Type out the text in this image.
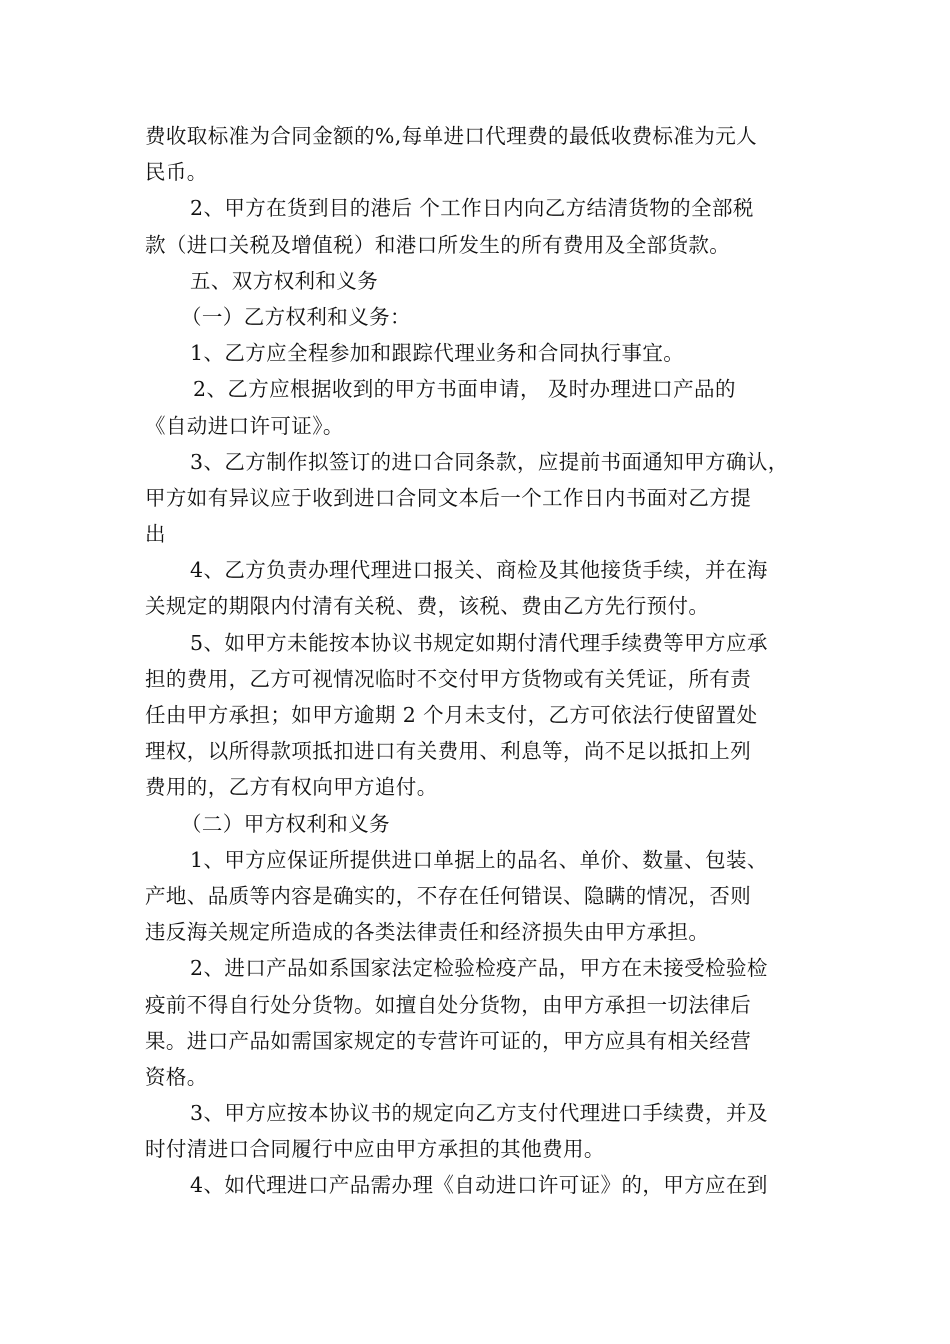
费收取标准为合同金额的%,每单进口代理费的最低收费标准为元人
民币。
2、甲方在货到目的港后 个工作日内向乙方结清货物的全部税
款（进口关税及增值税）和港口所发生的所有费用及全部货款。
五、双方权利和义务
（一）乙方权利和义务：
1、乙方应全程参加和跟踪代理业务和合同执行事宜。
2、乙方应根据收到的甲方书面申请， 及时办理进口产品的
《自动进口许可证》。
3、乙方制作拟签订的进口合同条款，应提前书面通知甲方确认，
甲方如有异议应于收到进口合同文本后一个工作日内书面对乙方提
出
4、乙方负责办理代理进口报关、商检及其他接货手续，并在海
关规定的期限内付清有关税、费，该税、费由乙方先行预付。
5、如甲方未能按本协议书规定如期付清代理手续费等甲方应承
担的费用，乙方可视情况临时不交付甲方货物或有关凭证，所有责
任由甲方承担；如甲方逾期 2 个月未支付，乙方可依法行使留置处
理权，以所得款项抵扣进口有关费用、利息等，尚不足以抵扣上列
费用的，乙方有权向甲方追付。
（二）甲方权利和义务
1、甲方应保证所提供进口单据上的品名、单价、数量、包装、
产地、品质等内容是确实的，不存在任何错误、隐瞒的情况，否则
违反海关规定所造成的各类法律责任和经济损失由甲方承担。
2、进口产品如系国家法定检验检疫产品，甲方在未接受检验检
疫前不得自行处分货物。如擅自处分货物，由甲方承担一切法律后
果。进口产品如需国家规定的专营许可证的，甲方应具有相关经营
资格。
3、甲方应按本协议书的规定向乙方支付代理进口手续费，并及
时付清进口合同履行中应由甲方承担的其他费用。
4、如代理进口产品需办理《自动进口许可证》的，甲方应在到
